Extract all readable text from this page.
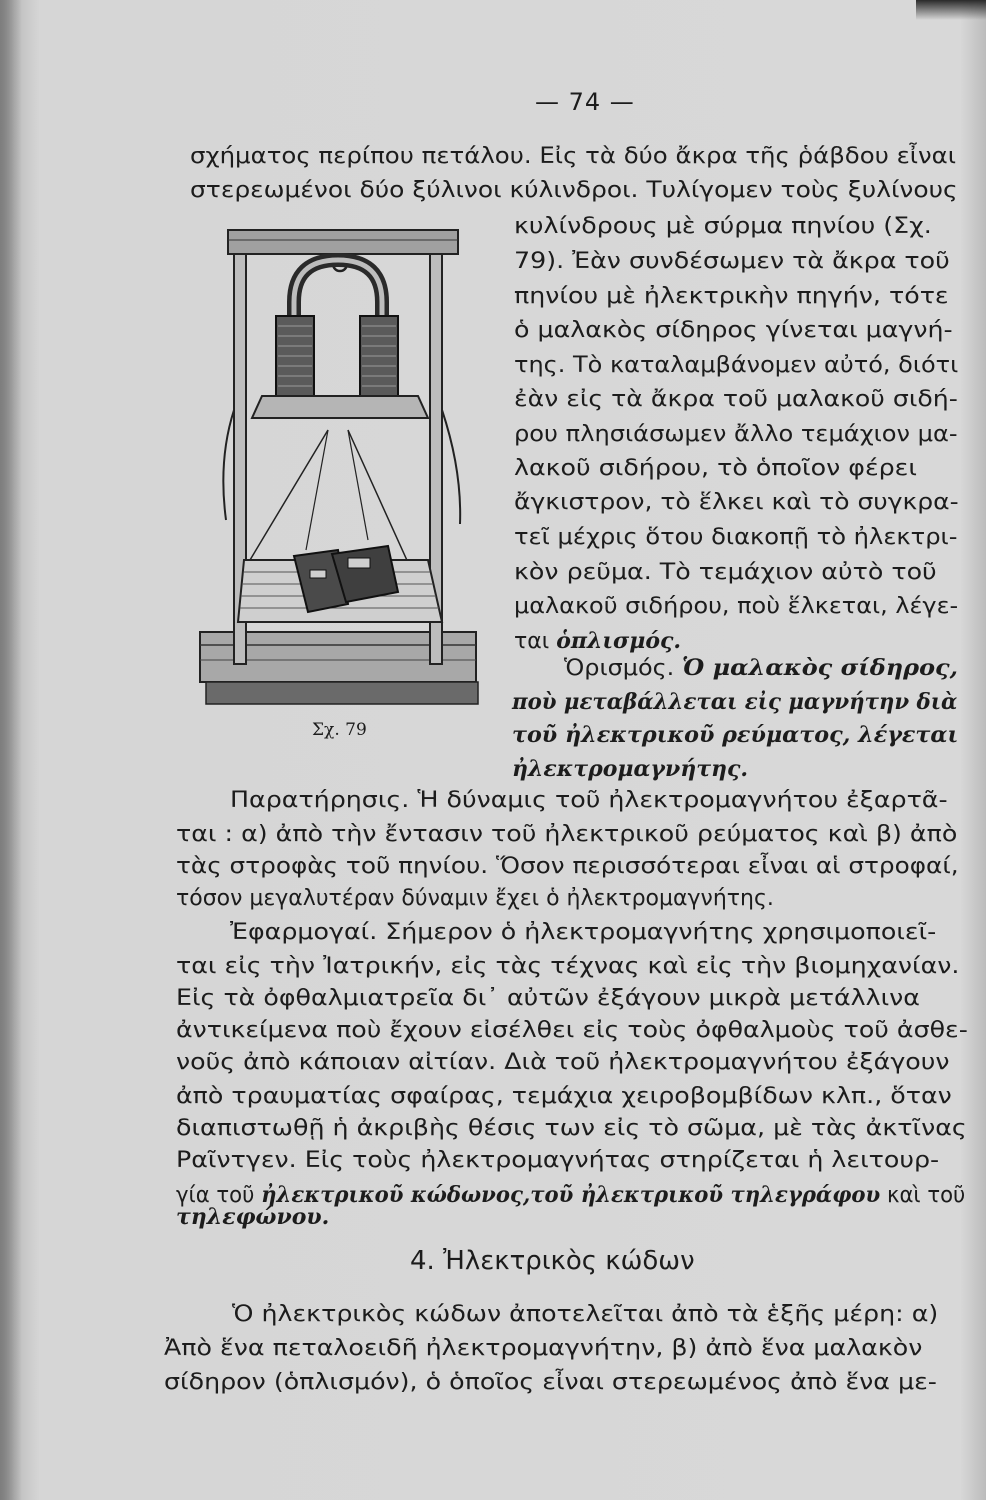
— 74 —
Σχ. 79
4. Ἠλεκτρικὸς κώδων
σχήματος περίπου πετάλου. Εἰς τὰ δύο ἄκρα τῆς ῥάβδου εἶναι
στερεωμένοι δύο ξύλινοι κύλινδροι. Τυλίγομεν τοὺς ξυλίνους
κυλίνδρους μὲ σύρμα πηνίου (Σχ.
79). Ἐὰν συνδέσωμεν τὰ ἄκρα τοῦ
πηνίου μὲ ἠλεκτρικὴν πηγήν, τότε
ὁ μαλακὸς σίδηρος γίνεται μαγνή-
της. Τὸ καταλαμβάνομεν αὐτό, διότι
ἐὰν εἰς τὰ ἄκρα τοῦ μαλακοῦ σιδή-
ρου πλησιάσωμεν ἄλλο τεμάχιον μα-
λακοῦ σιδήρου, τὸ ὁποῖον φέρει
ἄγκιστρον, τὸ ἕλκει καὶ τὸ συγκρα-
τεῖ μέχρις ὅτου διακοπῇ τὸ ἠλεκτρι-
κὸν ρεῦμα. Τὸ τεμάχιον αὐτὸ τοῦ
μαλακοῦ σιδήρου, ποὺ ἕλκεται, λέγε-
ται ὁπλισμός.
Ὁρισμός. Ὁ μαλακὸς σίδηρος,
ποὺ μεταβάλλεται εἰς μαγνήτην διὰ
τοῦ ἠλεκτρικοῦ ρεύματος, λέγεται
ἠλεκτρομαγνήτης.
Παρατήρησις. Ἡ δύναμις τοῦ ἠλεκτρομαγνήτου ἐξαρτᾶ-
ται : α) ἀπὸ τὴν ἔντασιν τοῦ ἠλεκτρικοῦ ρεύματος καὶ β) ἀπὸ
τὰς στροφὰς τοῦ πηνίου. Ὅσον περισσότεραι εἶναι αἱ στροφαί,
τόσον μεγαλυτέραν δύναμιν ἔχει ὁ ἠλεκτρομαγνήτης.
Ἐφαρμογαί. Σήμερον ὁ ἠλεκτρομαγνήτης χρησιμοποιεῖ-
ται εἰς τὴν Ἰατρικήν, εἰς τὰς τέχνας καὶ εἰς τὴν βιομηχανίαν.
Εἰς τὰ ὀφθαλμιατρεῖα δι᾽ αὐτῶν ἐξάγουν μικρὰ μετάλλινα
ἀντικείμενα ποὺ ἔχουν εἰσέλθει εἰς τοὺς ὀφθαλμοὺς τοῦ ἀσθε-
νοῦς ἀπὸ κάποιαν αἰτίαν. Διὰ τοῦ ἠλεκτρομαγνήτου ἐξάγουν
ἀπὸ τραυματίας σφαίρας, τεμάχια χειροβομβίδων κλπ., ὅταν
διαπιστωθῇ ἡ ἀκριβὴς θέσις των εἰς τὸ σῶμα, μὲ τὰς ἀκτῖνας
Ραῖντγεν. Εἰς τοὺς ἠλεκτρομαγνήτας στηρίζεται ἡ λειτουρ-
γία τοῦ ἠλεκτρικοῦ κώδωνος,τοῦ ἠλεκτρικοῦ τηλεγράφου καὶ τοῦ
τηλεφώνου.
Ὁ ἠλεκτρικὸς κώδων ἀποτελεῖται ἀπὸ τὰ ἑξῆς μέρη: α)
Ἀπὸ ἕνα πεταλοειδῆ ἠλεκτρομαγνήτην, β) ἀπὸ ἕνα μαλακὸν
σίδηρον (ὁπλισμόν), ὁ ὁποῖος εἶναι στερεωμένος ἀπὸ ἕνα με-
